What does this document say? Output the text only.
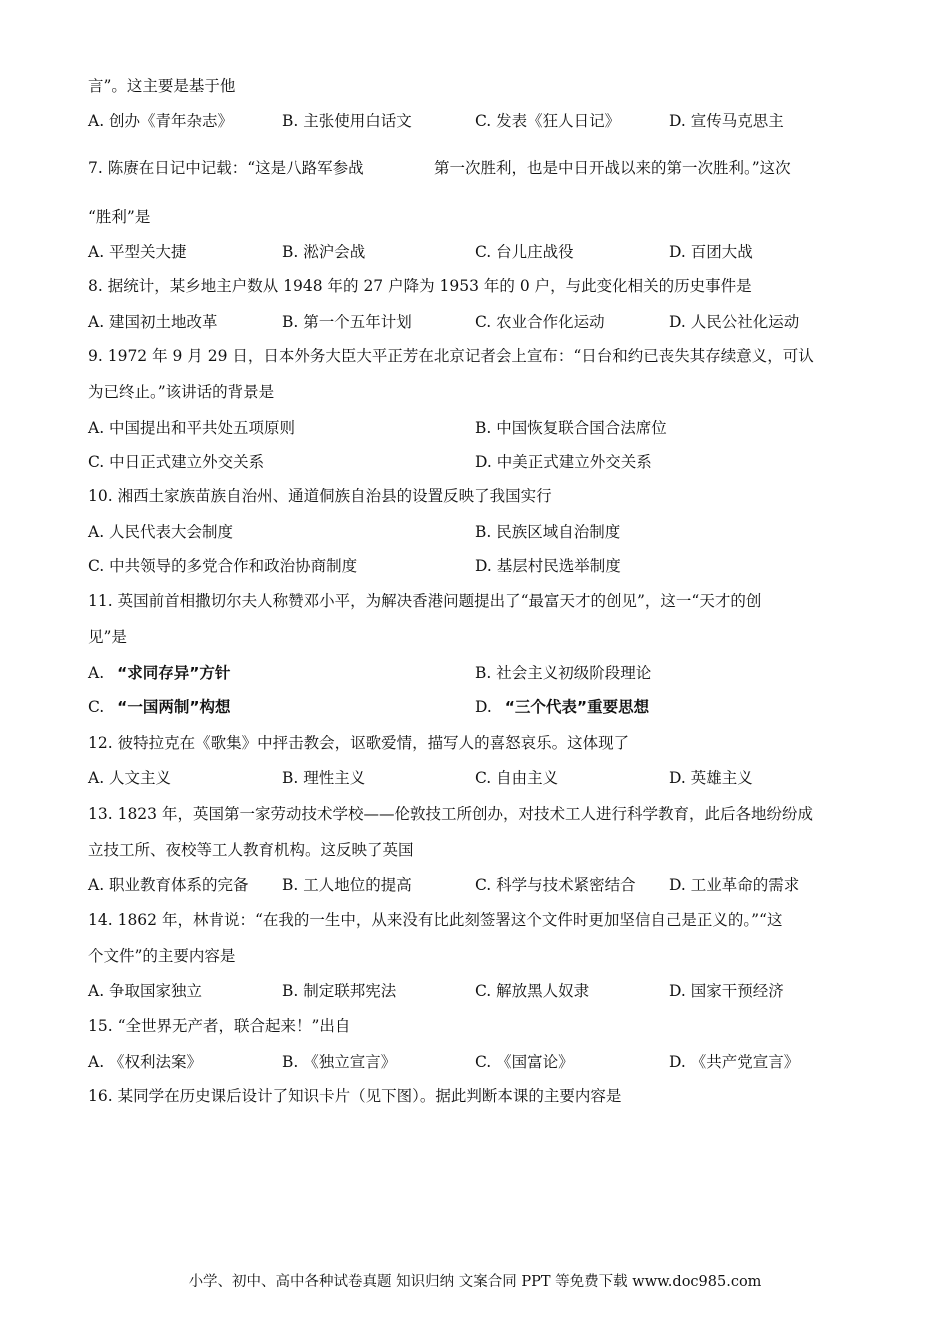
言”。这主要是基于他
A. 创办《青年杂志》	B. 主张使用白话文	C. 发表《狂人日记》	D. 宣传马克思主
7. 陈赓在日记中记载：“这是八路军参战	第一次胜利，也是中日开战以来的第一次胜利。”这次
“胜利”是
A. 平型关大捷	B. 淞沪会战	C. 台儿庄战役	D. 百团大战
8. 据统计，某乡地主户数从 1948 年的 27 户降为 1953 年的 0 户，与此变化相关的历史事件是
A. 建国初土地改革	B. 第一个五年计划	C. 农业合作化运动	D. 人民公社化运动
9. 1972 年 9 月 29 日，日本外务大臣大平正芳在北京记者会上宣布：“日台和约已丧失其存续意义，可认
为已终止。”该讲话的背景是
A. 中国提出和平共处五项原则	B. 中国恢复联合国合法席位
C. 中日正式建立外交关系	D. 中美正式建立外交关系
10. 湘西土家族苗族自治州、通道侗族自治县的设置反映了我国实行
A. 人民代表大会制度	B. 民族区域自治制度
C. 中共领导的多党合作和政治协商制度	D. 基层村民选举制度
11. 英国前首相撒切尔夫人称赞邓小平，为解决香港问题提出了“最富天才的创见”，这一“天才的创
见”是
A. “求同存异”方针	B. 社会主义初级阶段理论
C. “一国两制”构想	D. “三个代表”重要思想
12. 彼特拉克在《歌集》中抨击教会，讴歌爱情，描写人的喜怒哀乐。这体现了
A. 人文主义	B. 理性主义	C. 自由主义	D. 英雄主义
13. 1823 年，英国第一家劳动技术学校——伦敦技工所创办，对技术工人进行科学教育，此后各地纷纷成
立技工所、夜校等工人教育机构。这反映了英国
A. 职业教育体系的完备 B. 工人地位的提高	C. 科学与技术紧密结合 D. 工业革命的需求
14. 1862 年，林肯说：“在我的一生中，从来没有比此刻签署这个文件时更加坚信自己是正义的。”“这
个文件”的主要内容是
A. 争取国家独立	B. 制定联邦宪法	C. 解放黑人奴隶	D. 国家干预经济
15. “全世界无产者，联合起来！”出自
A. 《权利法案》	B. 《独立宣言》	C. 《国富论》	D. 《共产党宣言》
16. 某同学在历史课后设计了知识卡片（见下图）。据此判断本课的主要内容是
小学、初中、高中各种试卷真题 知识归纳 文案合同 PPT 等免费下载 www.doc985.com
